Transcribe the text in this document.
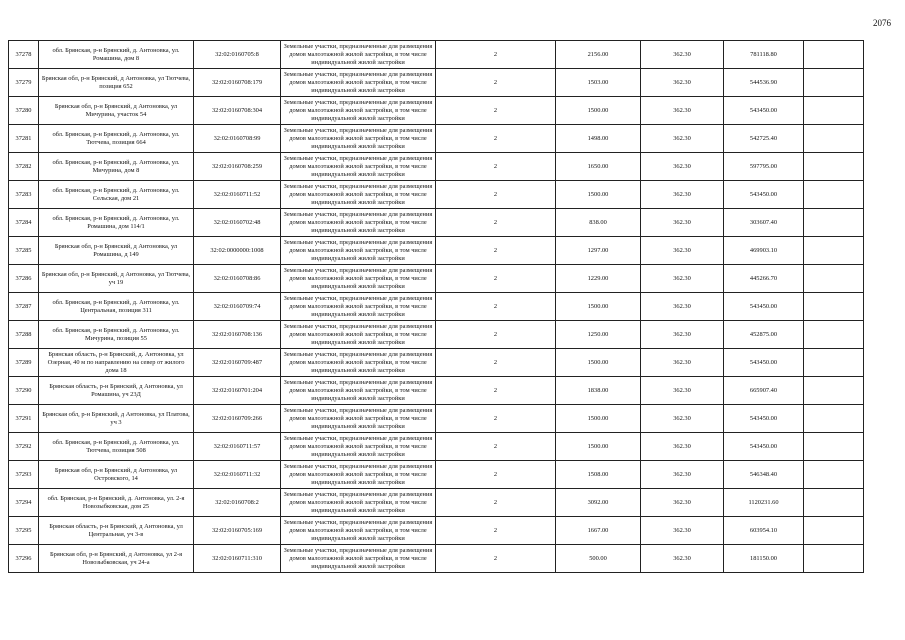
2076
37278	обл. Брянская, р-н Брянский, д. Антоновка, ул. Ромашина, дом 8	32:02:0160705:8	Земельные участки, предназначенные для размещения домов малоэтажной жилой застройки, в том числе индивидуальной жилой застройки	2	2156.00	362.30	781118.80	
37279	Брянская обл, р-н Брянский, д Антоновка, ул Тютчева, позиция 652	32:02:0160708:179	Земельные участки, предназначенные для размещения домов малоэтажной жилой застройки, в том числе индивидуальной жилой застройки	2	1503.00	362.30	544536.90	
37280	Брянская обл, р-н Брянский, д Антоновка, ул Мичурина, участок 54	32:02:0160708:304	Земельные участки, предназначенные для размещения домов малоэтажной жилой застройки, в том числе индивидуальной жилой застройки	2	1500.00	362.30	543450.00	
37281	обл. Брянская, р-н Брянский, д. Антоновка, ул. Тютчева, позиция 664	32:02:0160708:99	Земельные участки, предназначенные для размещения домов малоэтажной жилой застройки, в том числе индивидуальной жилой застройки	2	1498.00	362.30	542725.40	
37282	обл. Брянская, р-н Брянский, д. Антоновка, ул. Мичурина, дом 8	32:02:0160708:259	Земельные участки, предназначенные для размещения домов малоэтажной жилой застройки, в том числе индивидуальной жилой застройки	2	1650.00	362.30	597795.00	
37283	обл. Брянская, р-н Брянский, д. Антоновка, ул. Сельская, дом 21	32:02:0160711:52	Земельные участки, предназначенные для размещения домов малоэтажной жилой застройки, в том числе индивидуальной жилой застройки	2	1500.00	362.30	543450.00	
37284	обл. Брянская, р-н Брянский, д. Антоновка, ул. Ромашина, дом 114/1	32:02:0160702:48	Земельные участки, предназначенные для размещения домов малоэтажной жилой застройки, в том числе индивидуальной жилой застройки	2	838.00	362.30	303607.40	
37285	Брянская обл, р-н Брянский, д Антоновка, ул Ромашина, д 149	32:02:0000000:1008	Земельные участки, предназначенные для размещения домов малоэтажной жилой застройки, в том числе индивидуальной жилой застройки	2	1297.00	362.30	469903.10	
37286	Брянская обл, р-н Брянский, д Антоновка, ул Тютчева, уч 19	32:02:0160708:86	Земельные участки, предназначенные для размещения домов малоэтажной жилой застройки, в том числе индивидуальной жилой застройки	2	1229.00	362.30	445266.70	
37287	обл. Брянская, р-н Брянский, д. Антоновка, ул. Центральная, позиция 311	32:02:0160709:74	Земельные участки, предназначенные для размещения домов малоэтажной жилой застройки, в том числе индивидуальной жилой застройки	2	1500.00	362.30	543450.00	
37288	обл. Брянская, р-н Брянский, д. Антоновка, ул. Мичурина, позиция 55	32:02:0160708:136	Земельные участки, предназначенные для размещения домов малоэтажной жилой застройки, в том числе индивидуальной жилой застройки	2	1250.00	362.30	452875.00	
37289	Брянская область, р-н Брянский, д. Антоновка, ул Озерная, 40 м по направлению на север от жилого дома 18	32:02:0160709:487	Земельные участки, предназначенные для размещения домов малоэтажной жилой застройки, в том числе индивидуальной жилой застройки	2	1500.00	362.30	543450.00	
37290	Брянская область, р-н Брянский, д Антоновка, ул Ромашина, уч 23Д	32:02:0160701:204	Земельные участки, предназначенные для размещения домов малоэтажной жилой застройки, в том числе индивидуальной жилой застройки	2	1838.00	362.30	665907.40	
37291	Брянская обл, р-н Брянский, д Антоновка, ул Платова, уч 3	32:02:0160709:266	Земельные участки, предназначенные для размещения домов малоэтажной жилой застройки, в том числе индивидуальной жилой застройки	2	1500.00	362.30	543450.00	
37292	обл. Брянская, р-н Брянский, д. Антоновка, ул. Тютчева, позиция 508	32:02:0160711:57	Земельные участки, предназначенные для размещения домов малоэтажной жилой застройки, в том числе индивидуальной жилой застройки	2	1500.00	362.30	543450.00	
37293	Брянская обл, р-н Брянский, д Антоновка, ул Островского, 14	32:02:0160711:32	Земельные участки, предназначенные для размещения домов малоэтажной жилой застройки, в том числе индивидуальной жилой застройки	2	1508.00	362.30	546348.40	
37294	обл. Брянская, р-н Брянский, д. Антоновка, ул. 2-я Новозыбковская, дом 25	32:02:0160708:2	Земельные участки, предназначенные для размещения домов малоэтажной жилой застройки, в том числе индивидуальной жилой застройки	2	3092.00	362.30	1120231.60	
37295	Брянская область, р-н Брянский, д Антоновка, ул Центральная, уч 3-в	32:02:0160705:169	Земельные участки, предназначенные для размещения домов малоэтажной жилой застройки, в том числе индивидуальной жилой застройки	2	1667.00	362.30	603954.10	
37296	Брянская обл, р-н Брянский, д Антоновка, ул 2-я Новозыбковская, уч 24-а	32:02:0160711:310	Земельные участки, предназначенные для размещения домов малоэтажной жилой застройки, в том числе индивидуальной жилой застройки	2	500.00	362.30	181150.00	
